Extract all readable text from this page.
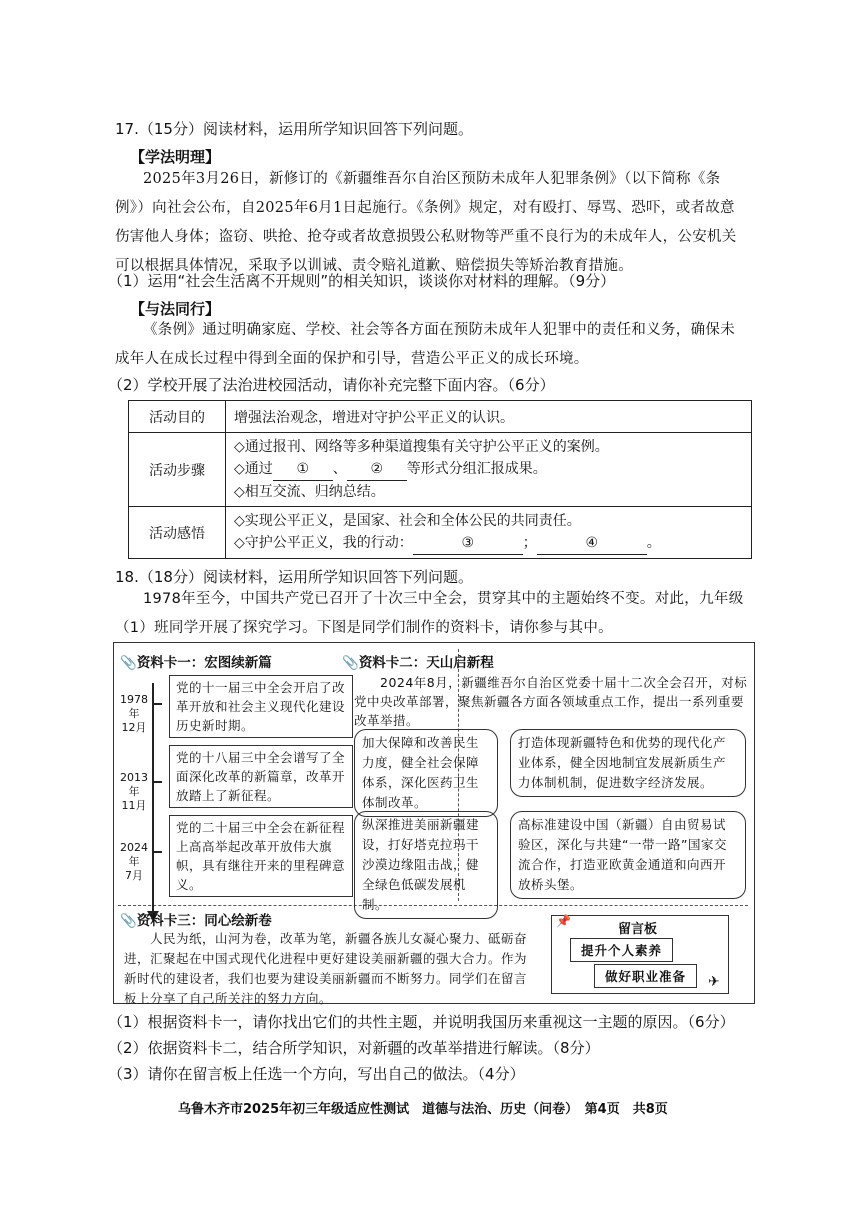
17.（15分）阅读材料，运用所学知识回答下列问题。
【学法明理】
2025年3月26日，新修订的《新疆维吾尔自治区预防未成年人犯罪条例》（以下简称《条例》）向社会公布，自2025年6月1日起施行。《条例》规定，对有殴打、辱骂、恐吓，或者故意伤害他人身体；盗窃、哄抢、抢夺或者故意损毁公私财物等严重不良行为的未成年人，公安机关可以根据具体情况，采取予以训诫、责令赔礼道歉、赔偿损失等矫治教育措施。
（1）运用“社会生活离不开规则”的相关知识，谈谈你对材料的理解。（9分）
【与法同行】
《条例》通过明确家庭、学校、社会等各方面在预防未成年人犯罪中的责任和义务，确保未成年人在成长过程中得到全面的保护和引导，营造公平正义的成长环境。
（2）学校开展了法治进校园活动，请你补充完整下面内容。（6分）
活动目的	增强法治观念，增进对守护公平正义的认识。
活动步骤	◇通过报刊、网络等多种渠道搜集有关守护公平正义的案例。
◇通过 ① 、 ② 等形式分组汇报成果。
◇相互交流、归纳总结。

活动感悟	◇实现公平正义，是国家、社会和全体公民的共同责任。
◇守护公平正义，我的行动： ③ ； ④ 。
18.（18分）阅读材料，运用所学知识回答下列问题。
1978年至今，中国共产党已召开了十次三中全会，贯穿其中的主题始终不变。对此，九年级（1）班同学开展了探究学习。下图是同学们制作的资料卡，请你参与其中。
📎资料卡一：宏图续新篇
1978年
12月
党的十一届三中全会开启了改革开放和社会主义现代化建设历史新时期。
2013年
11月
党的十八届三中全会谱写了全面深化改革的新篇章，改革开放踏上了新征程。
2024年
7月
党的二十届三中全会在新征程上高高举起改革开放伟大旗帜，具有继往开来的里程碑意义。
📎资料卡二：天山启新程
2024年8月，新疆维吾尔自治区党委十届十二次全会召开，对标党中央改革部署，聚焦新疆各方面各领域重点工作，提出一系列重要改革举措。
加大保障和改善民生力度，健全社会保障体系，深化医药卫生体制改革。
打造体现新疆特色和优势的现代化产业体系，健全因地制宜发展新质生产力体制机制，促进数字经济发展。
纵深推进美丽新疆建设，打好塔克拉玛干沙漠边缘阻击战，健全绿色低碳发展机制。
高标准建设中国（新疆）自由贸易试验区，深化与共建“一带一路”国家交流合作，打造亚欧黄金通道和向西开放桥头堡。
📎资料卡三：同心绘新卷
人民为纸，山河为卷，改革为笔，新疆各族儿女凝心聚力、砥砺奋进，汇聚起在中国式现代化进程中更好建设美丽新疆的强大合力。作为新时代的建设者，我们也要为建设美丽新疆而不断努力。同学们在留言板上分享了自己所关注的努力方向。
留言板
提升个人素养
做好职业准备	✈
📌
（1）根据资料卡一，请你找出它们的共性主题，并说明我国历来重视这一主题的原因。（6分）
（2）依据资料卡二，结合所学知识，对新疆的改革举措进行解读。（8分）
（3）请你在留言板上任选一个方向，写出自己的做法。（4分）
乌鲁木齐市2025年初三年级适应性测试　道德与法治、历史（问卷）　第4页　共8页
